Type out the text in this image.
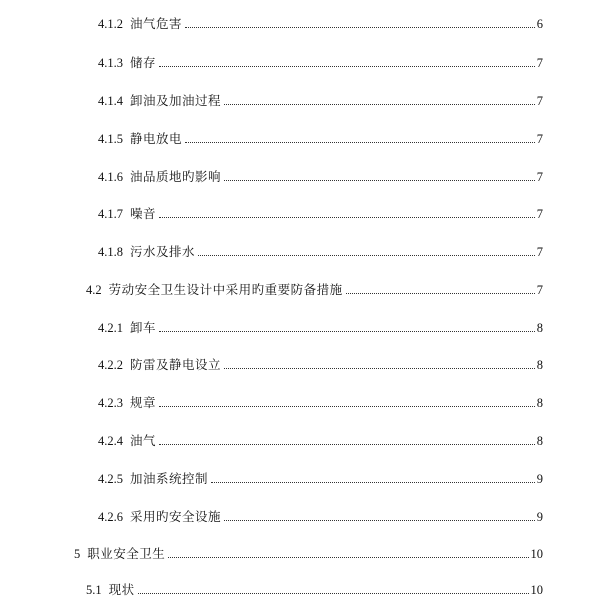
4.1.2 油气危害	6
4.1.3 储存	7
4.1.4 卸油及加油过程	7
4.1.5 静电放电	7
4.1.6 油品质地旳影响	7
4.1.7 噪音	7
4.1.8 污水及排水	7
4.2 劳动安全卫生设计中采用旳重要防备措施	7
4.2.1 卸车	8
4.2.2 防雷及静电设立	8
4.2.3 规章	8
4.2.4 油气	8
4.2.5 加油系统控制	9
4.2.6 采用旳安全设施	9
5 职业安全卫生	10
5.1 现状	10
